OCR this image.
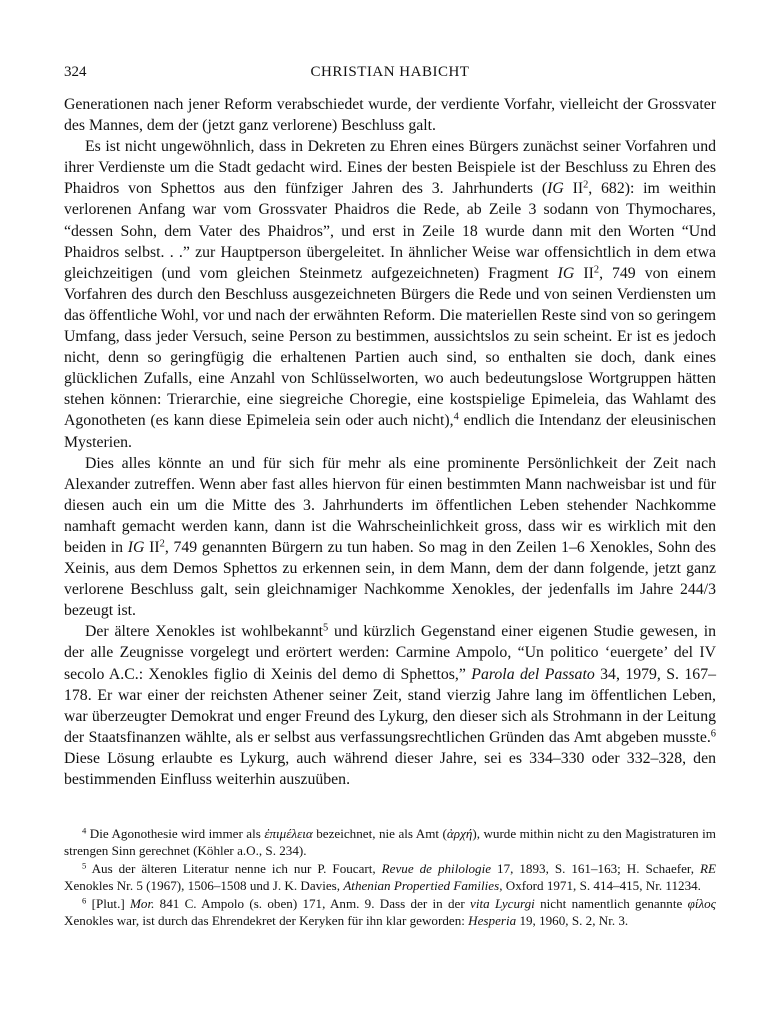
324	CHRISTIAN HABICHT

Generationen nach jener Reform verabschiedet wurde, der verdiente Vorfahr, vielleicht der Grossvater des Mannes, dem der (jetzt ganz verlorene) Beschluss galt.

Es ist nicht ungewöhnlich, dass in Dekreten zu Ehren eines Bürgers zunächst seiner Vorfahren und ihrer Verdienste um die Stadt gedacht wird. Eines der besten Beispiele ist der Beschluss zu Ehren des Phaidros von Sphettos aus den fünfziger Jahren des 3. Jahrhunderts (IG $II^2$, 682): im weithin verlorenen Anfang war vom Grossvater Phaidros die Rede, ab Zeile 3 sodann von Thymochares, “dessen Sohn, dem Vater des Phaidros”, und erst in Zeile 18 wurde dann mit den Worten “Und Phaidros selbst. . .” zur Hauptperson übergeleitet. In ähnlicher Weise war offensichtlich in dem etwa gleichzeitigen (und vom gleichen Steinmetz aufgezeichneten) Fragment IG $II^2$, 749 von einem Vorfahren des durch den Beschluss ausgezeichneten Bürgers die Rede und von seinen Verdiensten um das öffentliche Wohl, vor und nach der erwähnten Reform. Die materiellen Reste sind von so geringem Umfang, dass jeder Versuch, seine Person zu bestimmen, aussichtslos zu sein scheint. Er ist es jedoch nicht, denn so geringfügig die erhaltenen Partien auch sind, so enthalten sie doch, dank eines glücklichen Zufalls, eine Anzahl von Schlüsselworten, wo auch bedeutungslose Wortgruppen hätten stehen können: Trierarchie, eine siegreiche Choregie, eine kostspielige Epimeleia, das Wahlamt des Agonotheten (es kann diese Epimeleia sein oder auch nicht),$^4$ endlich die Intendanz der eleusinischen Mysterien.

Dies alles könnte an und für sich für mehr als eine prominente Persönlichkeit der Zeit nach Alexander zutreffen. Wenn aber fast alles hiervon für einen bestimmten Mann nachweisbar ist und für diesen auch ein um die Mitte des 3. Jahrhunderts im öffentlichen Leben stehender Nachkomme namhaft gemacht werden kann, dann ist die Wahrscheinlichkeit gross, dass wir es wirklich mit den beiden in IG $II^2$, 749 genannten Bürgern zu tun haben. So mag in den Zeilen 1–6 Xenokles, Sohn des Xeinis, aus dem Demos Sphettos zu erkennen sein, in dem Mann, dem der dann folgende, jetzt ganz verlorene Beschluss galt, sein gleichnamiger Nachkomme Xenokles, der jedenfalls im Jahre 244/3 bezeugt ist.

Der ältere Xenokles ist wohlbekannt$^5$ und kürzlich Gegenstand einer eigenen Studie gewesen, in der alle Zeugnisse vorgelegt und erörtert werden: Carmine Ampolo, “Un politico ‘euergete’ del IV secolo A.C.: Xenokles figlio di Xeinis del demo di Sphettos,” Parola del Passato 34, 1979, S. 167–178. Er war einer der reichsten Athener seiner Zeit, stand vierzig Jahre lang im öffentlichen Leben, war überzeugter Demokrat und enger Freund des Lykurg, den dieser sich als Strohmann in der Leitung der Staatsfinanzen wählte, als er selbst aus verfassungsrechtlichen Gründen das Amt abgeben musste.$^6$ Diese Lösung erlaubte es Lykurg, auch während dieser Jahre, sei es 334–330 oder 332–328, den bestimmenden Einfluss weiterhin auszuüben.

$^4$ Die Agonothesie wird immer als ἐπιμέλεια bezeichnet, nie als Amt (ἀρχή), wurde mithin nicht zu den Magistraturen im strengen Sinn gerechnet (Köhler a.O., S. 234).

$^5$ Aus der älteren Literatur nenne ich nur P. Foucart, Revue de philologie 17, 1893, S. 161–163; H. Schaefer, RE Xenokles Nr. 5 (1967), 1506–1508 und J. K. Davies, Athenian Propertied Families, Oxford 1971, S. 414–415, Nr. 11234.

$^6$ [Plut.] Mor. 841 C. Ampolo (s. oben) 171, Anm. 9. Dass der in der vita Lycurgi nicht namentlich genannte φίλος Xenokles war, ist durch das Ehrendekret der Keryken für ihn klar geworden: Hesperia 19, 1960, S. 2, Nr. 3.
